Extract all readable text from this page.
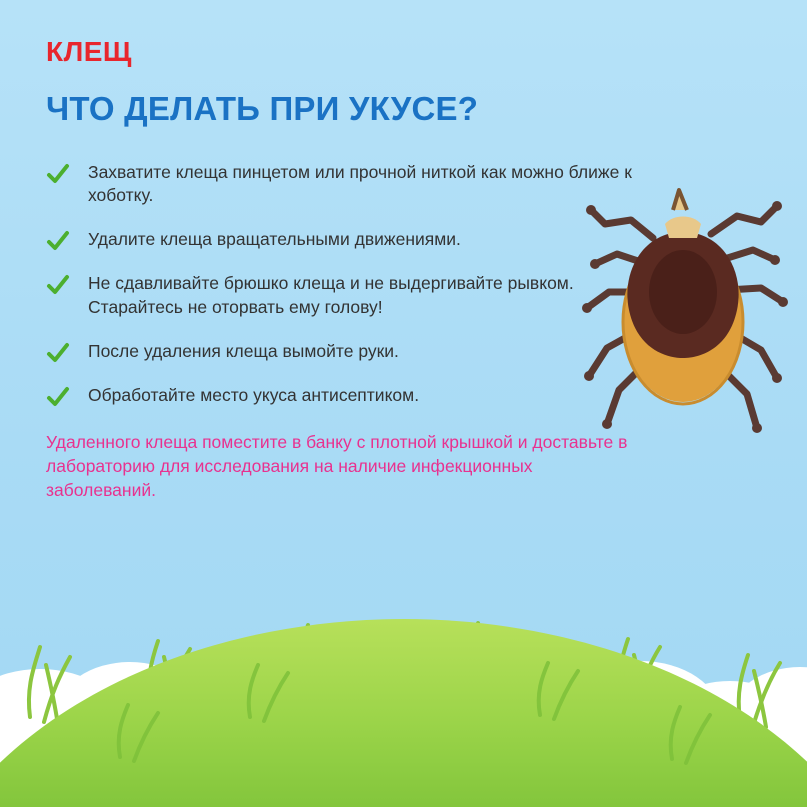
КЛЕЩ
ЧТО ДЕЛАТЬ ПРИ УКУСЕ?
Захватите клеща пинцетом или прочной ниткой как можно ближе к хоботку.
Удалите клеща вращательными движениями.
Не сдавливайте брюшко клеща и не выдергивайте рывком. Старайтесь не оторвать ему голову!
После удаления клеща вымойте руки.
Обработайте место укуса антисептиком.
Удаленного клеща поместите в банку с плотной крышкой и доставьте в лабораторию для исследования на наличие инфекционных заболеваний.
